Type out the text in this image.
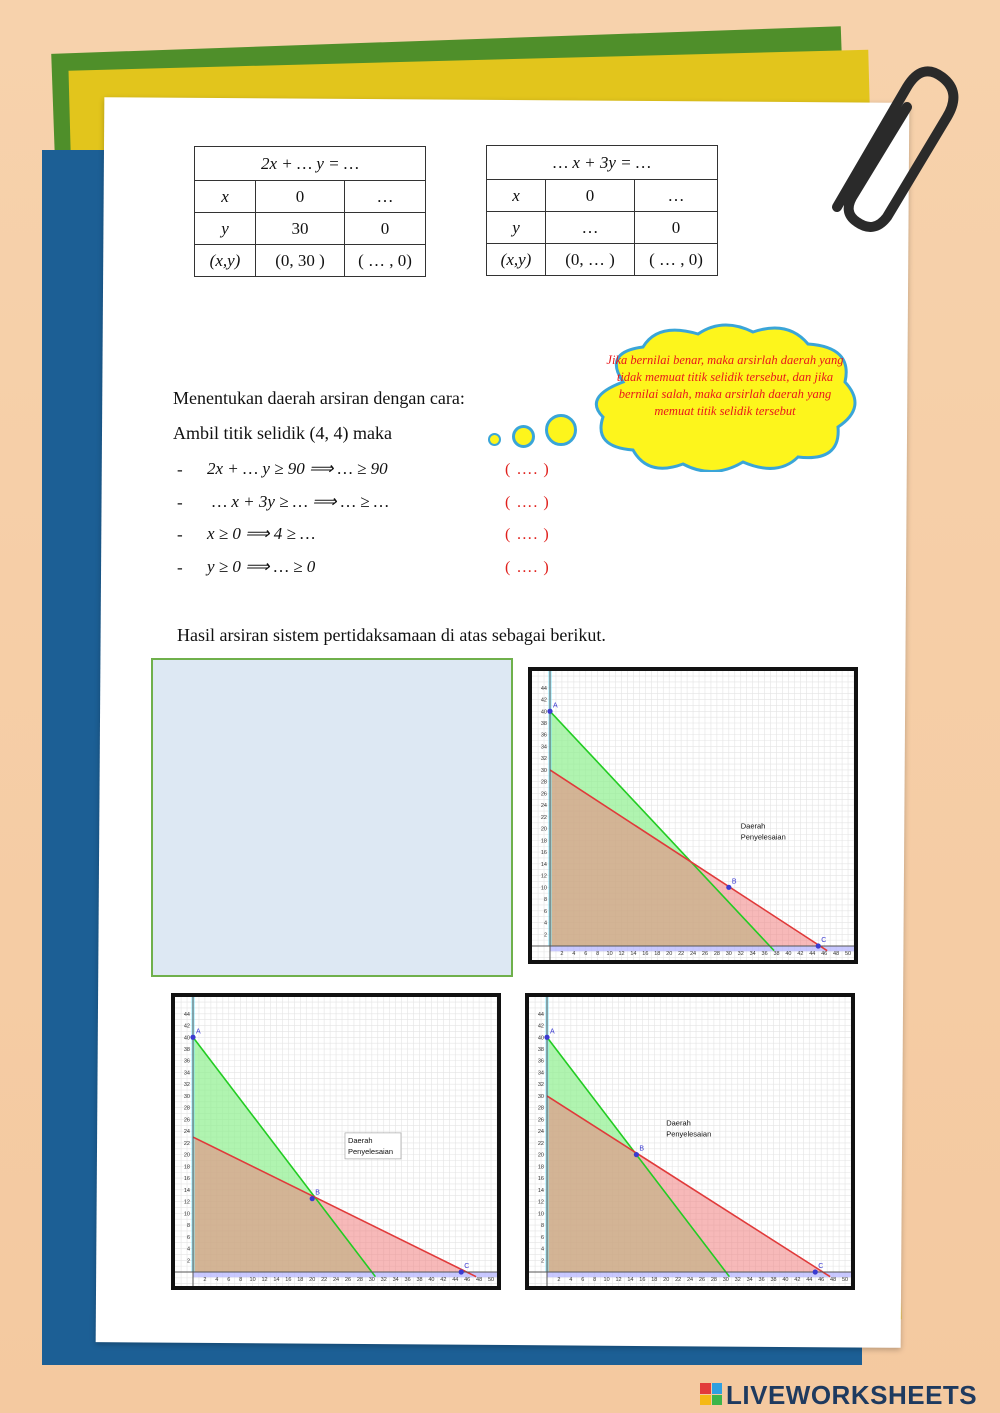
2x + … y = …		
x	0	…
y	30	0
(x,y)	(0, 30 )	( … , 0)
… x + 3y = …		
x	0	…
y	…	0
(x,y)	(0, … )	( … , 0)
Jika bernilai benar, maka arsirlah daerah yang tidak memuat titik selidik tersebut, dan jika bernilai salah, maka arsirlah daerah yang memuat titik selidik tersebut
Menentukan daerah arsiran dengan cara:
Ambil titik selidik (4, 4) maka
- 2x + … y ≥ 90 ⟹ … ≥ 90	( …. )
- … x + 3y ≥ … ⟹ … ≥ …	( …. )
- x ≥ 0 ⟹ 4 ≥ …	( …. )
- y ≥ 0 ⟹ … ≥ 0	( …. )
Hasil arsiran sistem pertidaksamaan di atas sebagai berikut.
2 4 6 8 10 12 14 16 18 20 22 24 26 28 30 32 34 36 38 40 42 44 46 48 50
2
4
6
8
10
12
14
16
18
20
22
24
26
28
30
32
34
36
38
40
42
44
A
B
C
Daerah
Penyelesaian
2 4 6 8 10 12 14 16 18 20 22 24 26 28 30 32 34 36 38 40 42 44 46 48 50
2
4
6
8
10
12
14
16
18
20
22
24
26
28
30
32
34
36
38
40
42
44
A
B
C
Daerah
Penyelesaian
2 4 6 8 10 12 14 16 18 20 22 24 26 28 30 32 34 36 38 40 42 44 46 48 50
2
4
6
8
10
12
14
16
18
20
22
24
26
28
30
32
34
36
38
40
42
44
A
B
C
Daerah
Penyelesaian
LIVEWORKSHEETS
